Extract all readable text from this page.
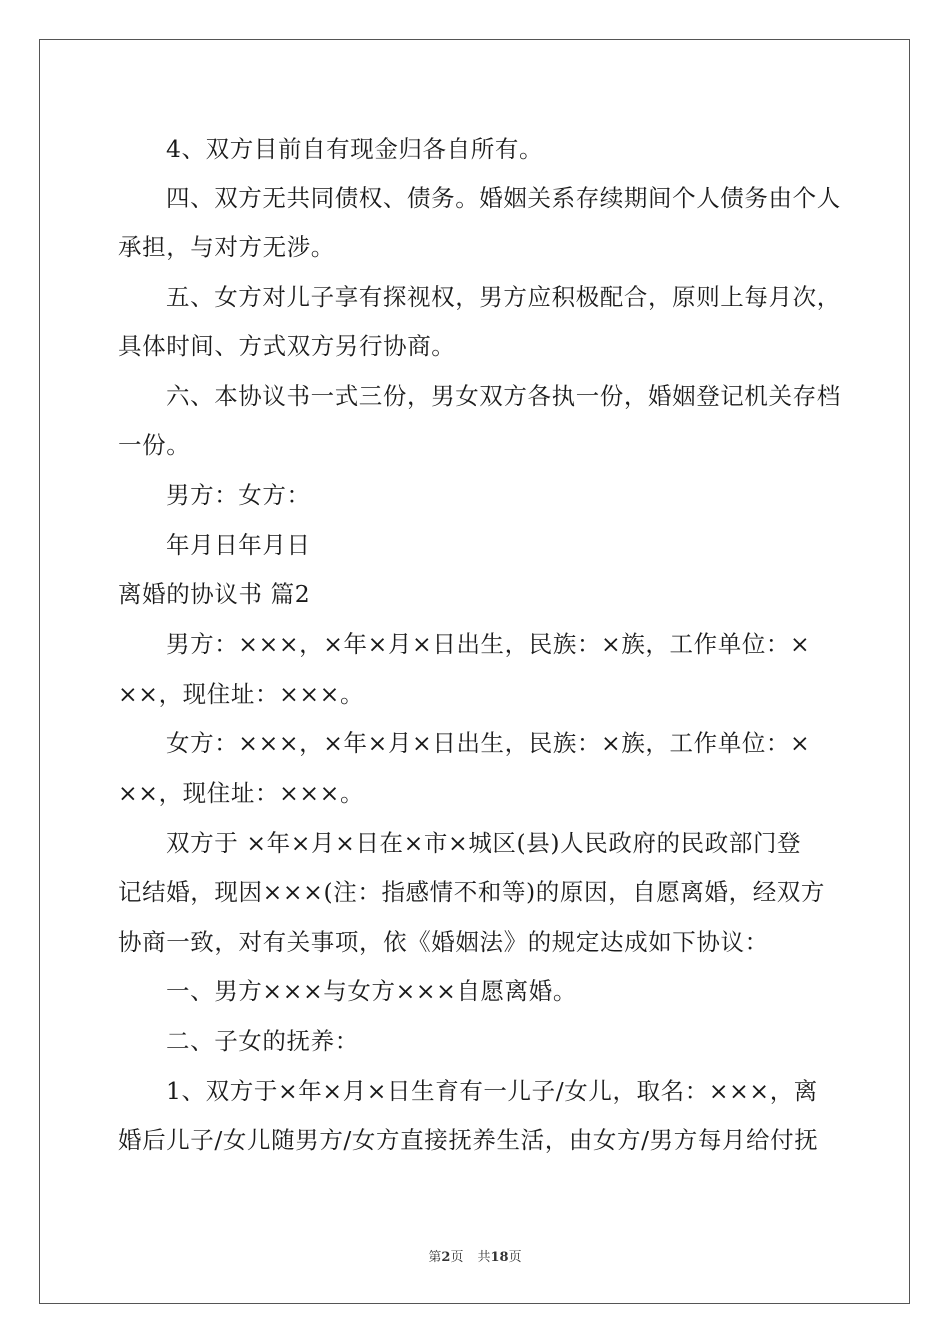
4、双方目前自有现金归各自所有。
四、双方无共同债权、债务。婚姻关系存续期间个人债务由个人
承担，与对方无涉。
五、女方对儿子享有探视权，男方应积极配合，原则上每月次，
具体时间、方式双方另行协商。
六、本协议书一式三份，男女双方各执一份，婚姻登记机关存档
一份。
男方：女方：
年月日年月日
离婚的协议书 篇2
男方：×××，×年×月×日出生，民族：×族，工作单位：×
××，现住址：×××。
女方：×××，×年×月×日出生，民族：×族，工作单位：×
××，现住址：×××。
双方于 ×年×月×日在×市×城区(县)人民政府的民政部门登
记结婚，现因×××(注：指感情不和等)的原因，自愿离婚，经双方
协商一致，对有关事项，依《婚姻法》的规定达成如下协议：
一、男方×××与女方×××自愿离婚。
二、子女的抚养：
1、双方于×年×月×日生育有一儿子/女儿，取名：×××，离
婚后儿子/女儿随男方/女方直接抚养生活，由女方/男方每月给付抚
第2页 共18页
